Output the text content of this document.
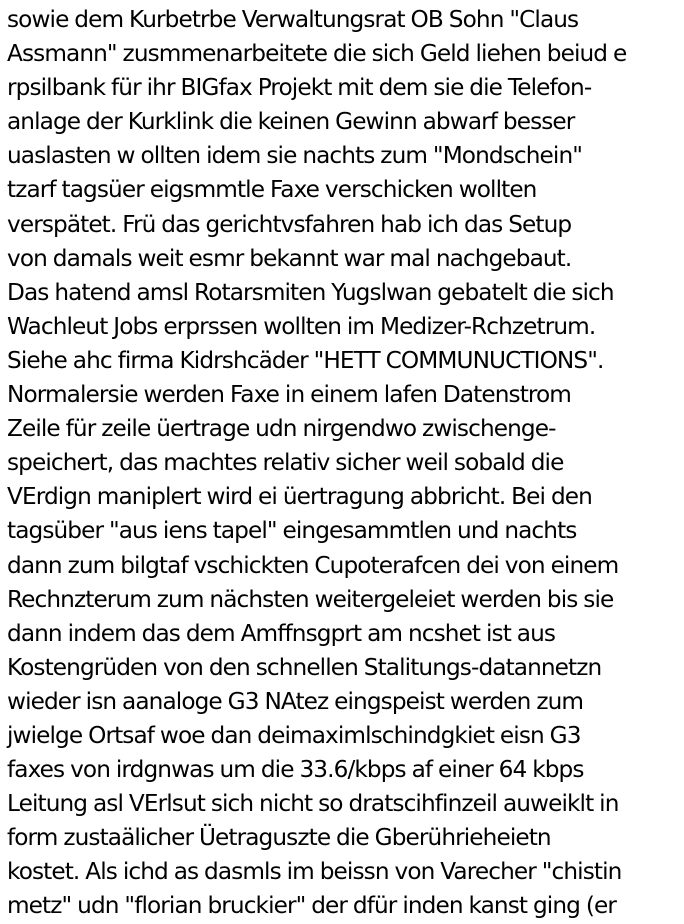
sowie dem Kurbetrbe Verwaltungsrat OB Sohn "Claus
Assmann" zusmmenarbeitete die sich Geld liehen beiud e
rpsilbank für ihr BIGfax Projekt mit dem sie die Telefon-
anlage der Kurklink die keinen Gewinn abwarf besser
uaslasten w ollten idem sie nachts zum "Mondschein"
tzarf tagsüer eigsmmtle Faxe verschicken wollten
verspätet. Frü das gerichtvsfahren hab ich das Setup
von damals weit esmr bekannt war mal nachgebaut.
Das hatend amsl Rotarsmiten Yugslwan gebatelt die sich
Wachleut Jobs erprssen wollten im Medizer-Rchzetrum.
Siehe ahc firma Kidrshcäder "HETT COMMUNUCTIONS".
Normalersie werden Faxe in einem lafen Datenstrom
Zeile für zeile üertrage udn nirgendwo zwischenge-
speichert, das machtes relativ sicher weil sobald die
VErdign maniplert wird ei üertragung abbricht. Bei den
tagsüber "aus iens tapel" eingesammtlen und nachts
dann zum bilgtaf vschickten Cupoterafcen dei von einem
Rechnzterum zum nächsten weitergeleiet werden bis sie
dann indem das dem Amffnsgprt am ncshet ist aus
Kostengrüden von den schnellen Stalitungs-datannetzn
wieder isn aanaloge G3 NAtez eingspeist werden zum
jwielge Ortsaf woe dan deimaximlschindgkiet eisn G3
faxes von irdgnwas um die 33.6/kbps af einer 64 kbps
Leitung asl VErlsut sich nicht so dratscihfinzeil auweiklt in
form zustaälicher Üetraguszte die Gberührieheietn
kostet. Als ichd as dasmls im beissn von Varecher "chistin
metz" udn "florian bruckier" der dfür inden kanst ging (er
